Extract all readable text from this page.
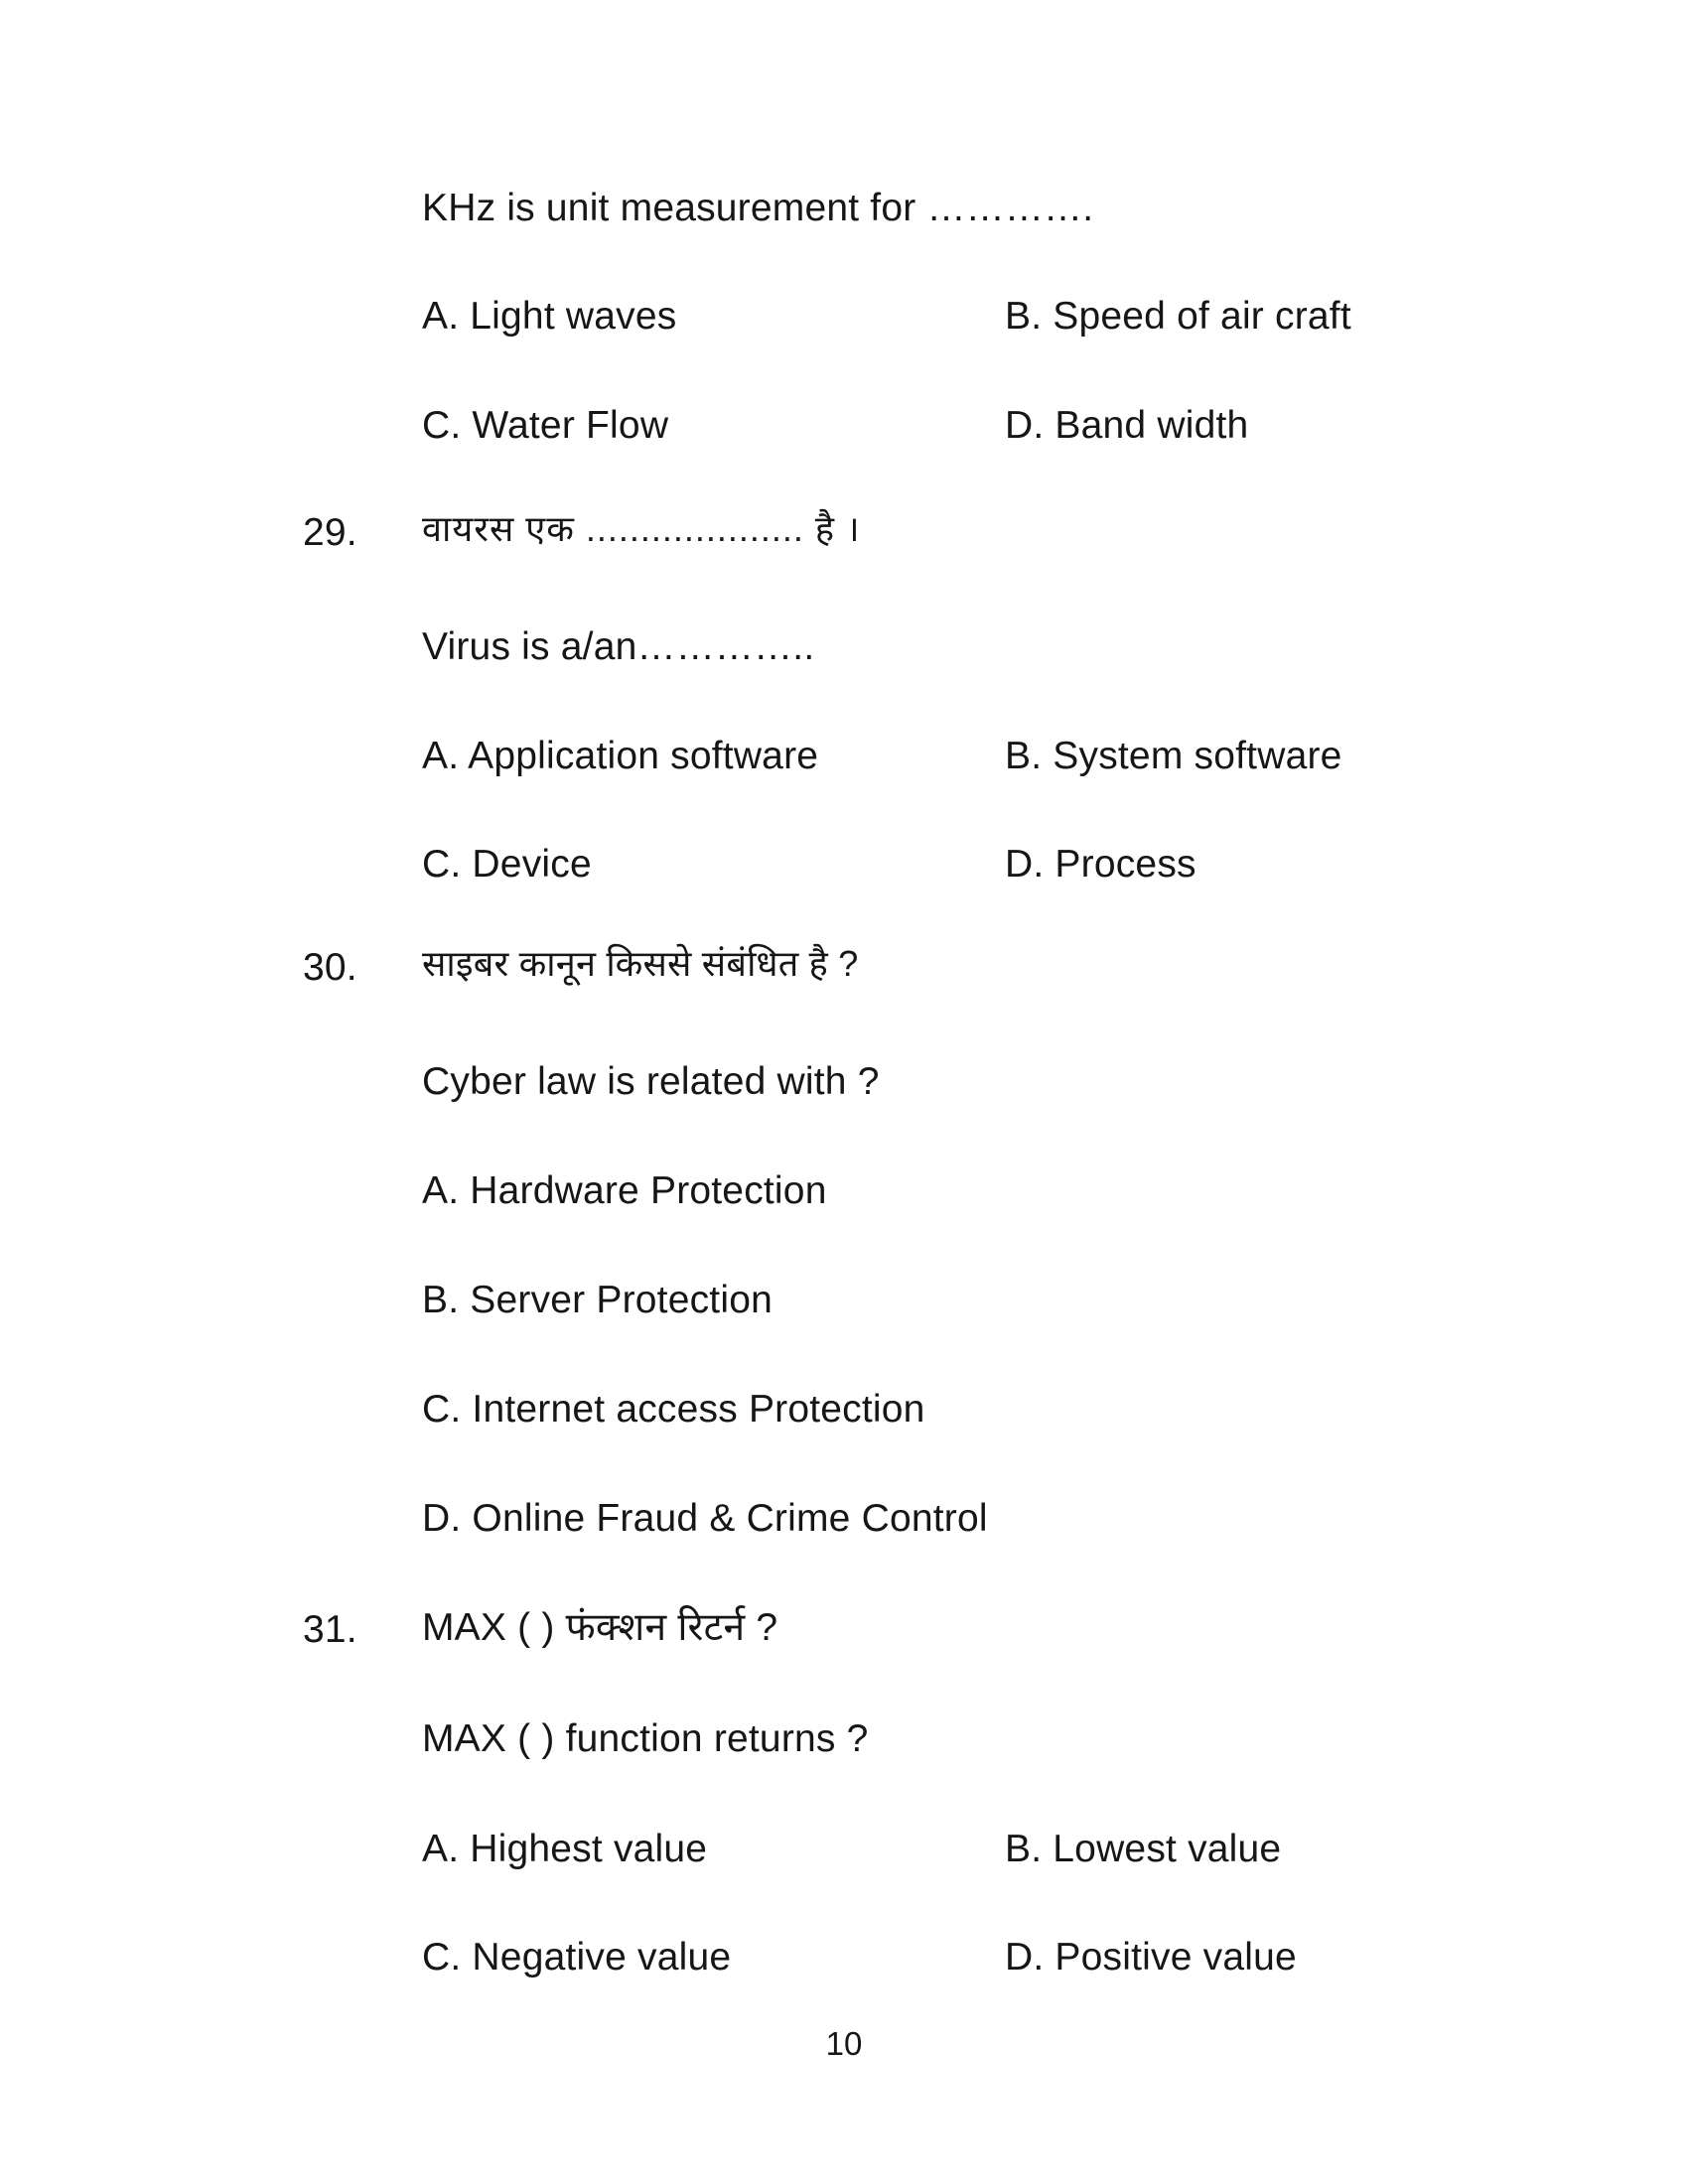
KHz is unit measurement for ………….
A. Light waves	B. Speed of air craft
C. Water Flow	D. Band width
29. वायरस एक .................... है ।
Virus is a/an…………..
A. Application software	B. System software
C. Device	D. Process
30. साइबर कानून किससे संबंधित है ?
Cyber law is related with ?
A. Hardware Protection
B. Server Protection
C. Internet access Protection
D. Online Fraud & Crime Control
31. MAX ( ) फंक्शन रिटर्न ?
MAX ( ) function returns ?
A. Highest value	B. Lowest value
C. Negative value	D. Positive value
10
